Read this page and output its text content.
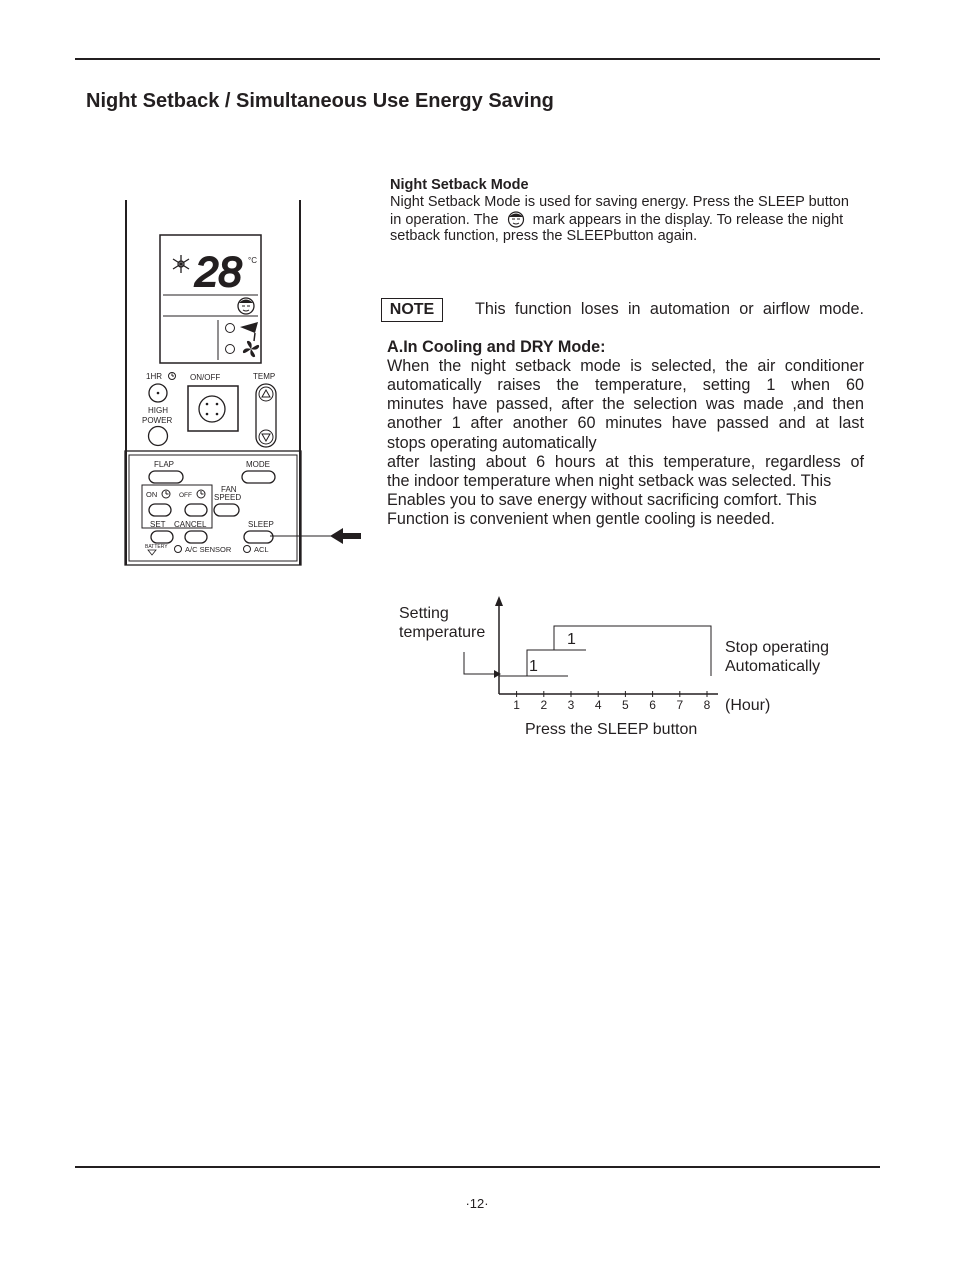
Night Setback / Simultaneous Use Energy Saving
28 °C
1HR	ON/OFF	TEMP
HIGH
POWER
FLAP	MODE
ON	OFF
FAN
SPEED
SET CANCEL	SLEEP
BATTERY A/C SENSOR	ACL
Night Setback Mode
Night Setback Mode is used for saving energy. Press the SLEEP button
in operation. The mark appears in the display. To release the night
setback function, press the SLEEPbutton again.
NOTE	This function loses in automation or airflow mode.
A.In Cooling and DRY Mode:
When the night setback mode is selected, the air conditioner
automatically raises the temperature, setting 1 when 60
minutes have passed, after the selection was made ,and then
another 1 after another 60 minutes have passed and at last
stops operating automatically
after lasting about 6 hours at this temperature, regardless of
the indoor temperature when night setback was selected. This
Enables you to save energy without sacrificing comfort. This
Function is convenient when gentle cooling is needed.
Setting
temperature
1 2 3 4 5 6 7 8
1
1	Stop operating
Automatically
(Hour)
Press the SLEEP button
·12·
